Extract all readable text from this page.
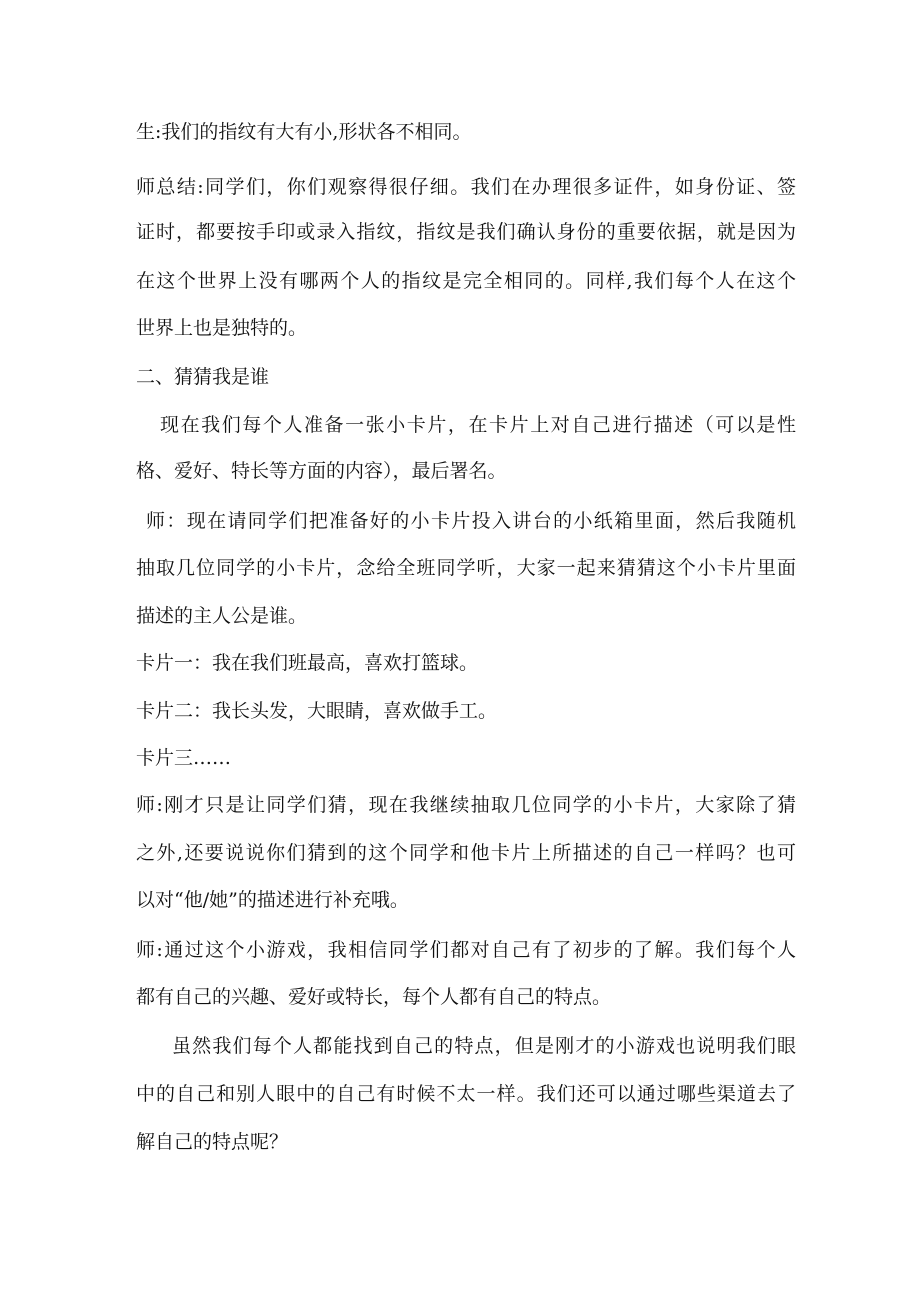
生:我们的指纹有大有小,形状各不相同。
师总结:同学们，你们观察得很仔细。我们在办理很多证件，如身份证、签
证时，都要按手印或录入指纹，指纹是我们确认身份的重要依据，就是因为
在这个世界上没有哪两个人的指纹是完全相同的。同样,我们每个人在这个
世界上也是独特的。
二、猜猜我是谁
现在我们每个人准备一张小卡片，在卡片上对自己进行描述（可以是性
格、爱好、特长等方面的内容），最后署名。
师：现在请同学们把准备好的小卡片投入讲台的小纸箱里面，然后我随机
抽取几位同学的小卡片，念给全班同学听，大家一起来猜猜这个小卡片里面
描述的主人公是谁。
卡片一：我在我们班最高，喜欢打篮球。
卡片二：我长头发，大眼睛，喜欢做手工。
卡片三……
师:刚才只是让同学们猜，现在我继续抽取几位同学的小卡片，大家除了猜
之外,还要说说你们猜到的这个同学和他卡片上所描述的自己一样吗？也可
以对“他/她”的描述进行补充哦。
师:通过这个小游戏，我相信同学们都对自己有了初步的了解。我们每个人
都有自己的兴趣、爱好或特长，每个人都有自己的特点。
虽然我们每个人都能找到自己的特点，但是刚才的小游戏也说明我们眼
中的自己和别人眼中的自己有时候不太一样。我们还可以通过哪些渠道去了
解自己的特点呢？
